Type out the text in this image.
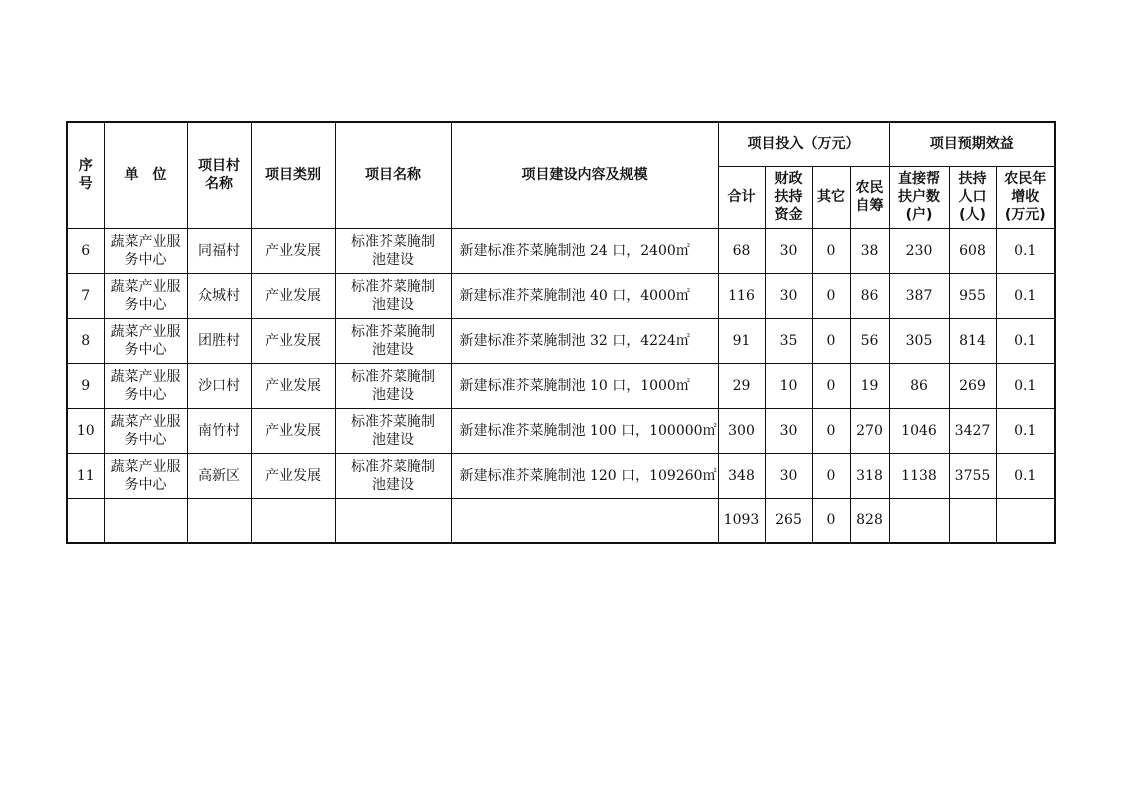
序号	单　位	项目村名称	项目类别	项目名称	项目建设内容及规模	项目投入（万元）				项目预期效益		
						合计	财政扶持资金	其它	农民自筹	直接帮扶户数(户)	扶持人口(人)	农民年增收(万元)
6	蔬菜产业服务中心	同福村	产业发展	标准芥菜腌制池建设	新建标准芥菜腌制池 24 口，2400㎡	68	30	0	38	230	608	0.1
7	蔬菜产业服务中心	众城村	产业发展	标准芥菜腌制池建设	新建标准芥菜腌制池 40 口，4000㎡	116	30	0	86	387	955	0.1
8	蔬菜产业服务中心	团胜村	产业发展	标准芥菜腌制池建设	新建标准芥菜腌制池 32 口，4224㎡	91	35	0	56	305	814	0.1
9	蔬菜产业服务中心	沙口村	产业发展	标准芥菜腌制池建设	新建标准芥菜腌制池 10 口，1000㎡	29	10	0	19	86	269	0.1
10	蔬菜产业服务中心	南竹村	产业发展	标准芥菜腌制池建设	新建标准芥菜腌制池 100 口，100000㎡	300	30	0	270	1046	3427	0.1
11	蔬菜产业服务中心	高新区	产业发展	标准芥菜腌制池建设	新建标准芥菜腌制池 120 口，109260㎡	348	30	0	318	1138	3755	0.1
						1093	265	0	828			
